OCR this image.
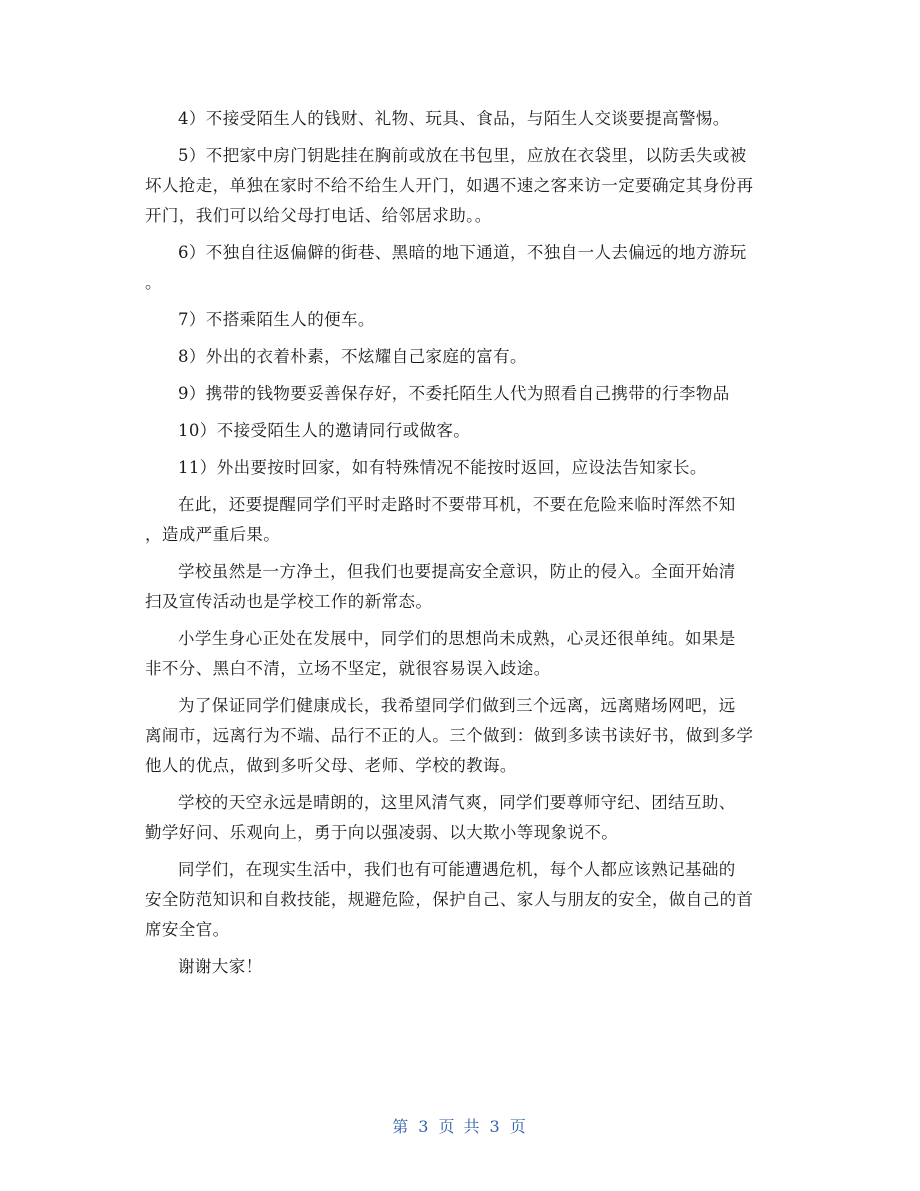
4）不接受陌生人的钱财、礼物、玩具、食品，与陌生人交谈要提高警惕。
5）不把家中房门钥匙挂在胸前或放在书包里，应放在衣袋里，以防丢失或被
坏人抢走，单独在家时不给不给生人开门，如遇不速之客来访一定要确定其身份再
开门，我们可以给父母打电话、给邻居求助。。
6）不独自往返偏僻的街巷、黑暗的地下通道，不独自一人去偏远的地方游玩
。
7）不搭乘陌生人的便车。
8）外出的衣着朴素，不炫耀自己家庭的富有。
9）携带的钱物要妥善保存好，不委托陌生人代为照看自己携带的行李物品
10）不接受陌生人的邀请同行或做客。
11）外出要按时回家，如有特殊情况不能按时返回，应设法告知家长。
在此，还要提醒同学们平时走路时不要带耳机，不要在危险来临时浑然不知
，造成严重后果。
学校虽然是一方净土，但我们也要提高安全意识，防止的侵入。全面开始清
扫及宣传活动也是学校工作的新常态。
小学生身心正处在发展中，同学们的思想尚未成熟，心灵还很单纯。如果是
非不分、黑白不清，立场不坚定，就很容易误入歧途。
为了保证同学们健康成长，我希望同学们做到三个远离，远离赌场网吧，远
离闹市，远离行为不端、品行不正的人。三个做到：做到多读书读好书，做到多学
他人的优点，做到多听父母、老师、学校的教诲。
学校的天空永远是晴朗的，这里风清气爽，同学们要尊师守纪、团结互助、
勤学好问、乐观向上，勇于向以强凌弱、以大欺小等现象说不。
同学们，在现实生活中，我们也有可能遭遇危机，每个人都应该熟记基础的
安全防范知识和自救技能，规避危险，保护自己、家人与朋友的安全，做自己的首
席安全官。
谢谢大家！
第 3 页 共 3 页
